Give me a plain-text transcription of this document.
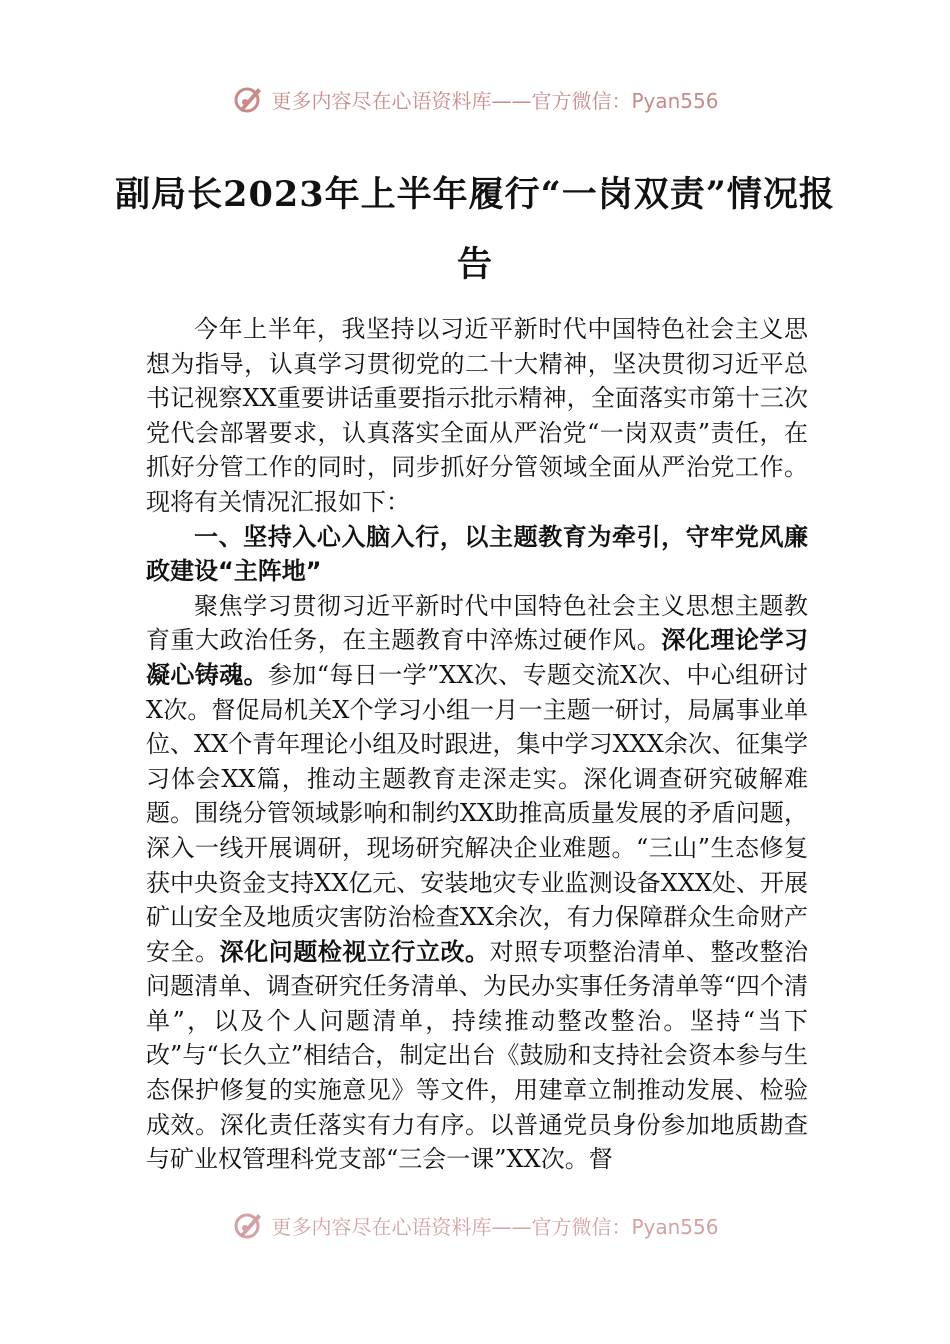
更多内容尽在心语资料库——官方微信：Pyan556
副局长2023年上半年履行“一岗双责”情况报告

今年上半年，我坚持以习近平新时代中国特色社会主义思想为指导，认真学习贯彻党的二十大精神，坚决贯彻习近平总书记视察XX重要讲话重要指示批示精神，全面落实市第十三次党代会部署要求，认真落实全面从严治党“一岗双责”责任，在抓好分管工作的同时，同步抓好分管领域全面从严治党工作。现将有关情况汇报如下：

一、坚持入心入脑入行，以主题教育为牵引，守牢党风廉政建设“主阵地”

聚焦学习贯彻习近平新时代中国特色社会主义思想主题教育重大政治任务，在主题教育中淬炼过硬作风。深化理论学习凝心铸魂。参加“每日一学”XX次、专题交流X次、中心组研讨X次。督促局机关X个学习小组一月一主题一研讨，局属事业单位、XX个青年理论小组及时跟进，集中学习XXX余次、征集学习体会XX篇，推动主题教育走深走实。深化调查研究破解难题。围绕分管领域影响和制约XX助推高质量发展的矛盾问题，深入一线开展调研，现场研究解决企业难题。“三山”生态修复获中央资金支持XX亿元、安装地灾专业监测设备XXX处、开展矿山安全及地质灾害防治检查XX余次，有力保障群众生命财产安全。深化问题检视立行立改。对照专项整治清单、整改整治问题清单、调查研究任务清单、为民办实事任务清单等“四个清单”，以及个人问题清单，持续推动整改整治。坚持“当下改”与“长久立”相结合，制定出台《鼓励和支持社会资本参与生态保护修复的实施意见》等文件，用建章立制推动发展、检验成效。深化责任落实有力有序。以普通党员身份参加地质勘查与矿业权管理科党支部“三会一课”XX次。督

更多内容尽在心语资料库——官方微信：Pyan556
